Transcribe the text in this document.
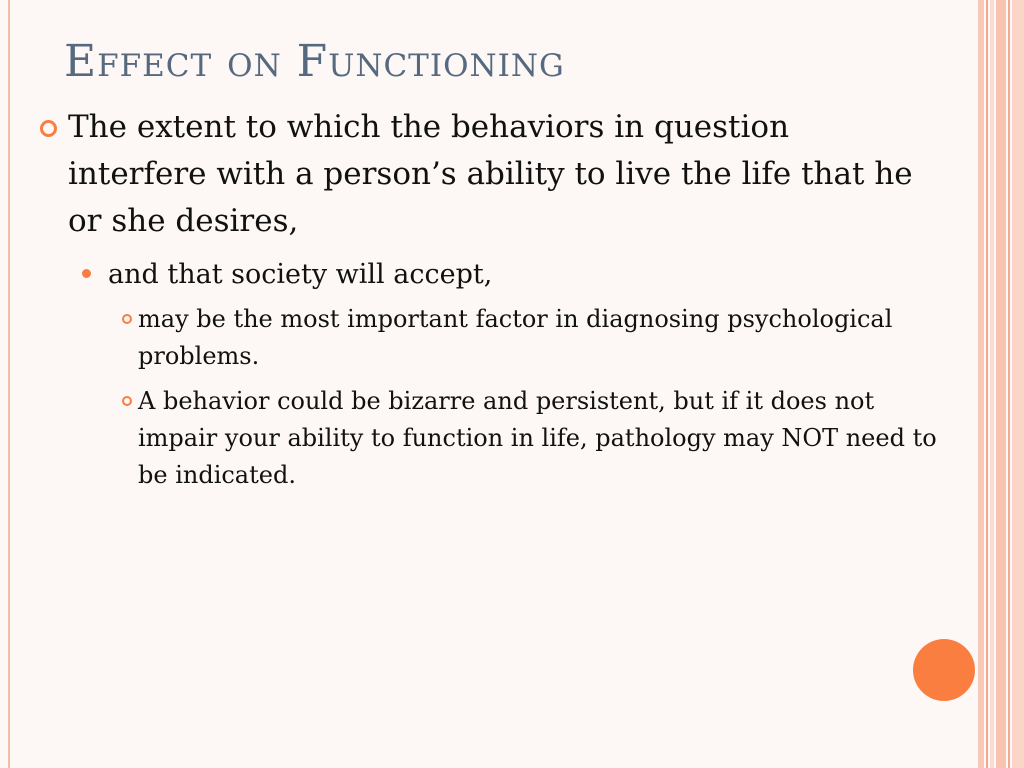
Effect on Functioning
The extent to which the behaviors in question interfere with a person’s ability to live the life that he or she desires,
and that society will accept,
may be the most important factor in diagnosing psychological problems.
A behavior could be bizarre and persistent, but if it does not impair your ability to function in life, pathology may NOT need to be indicated.
